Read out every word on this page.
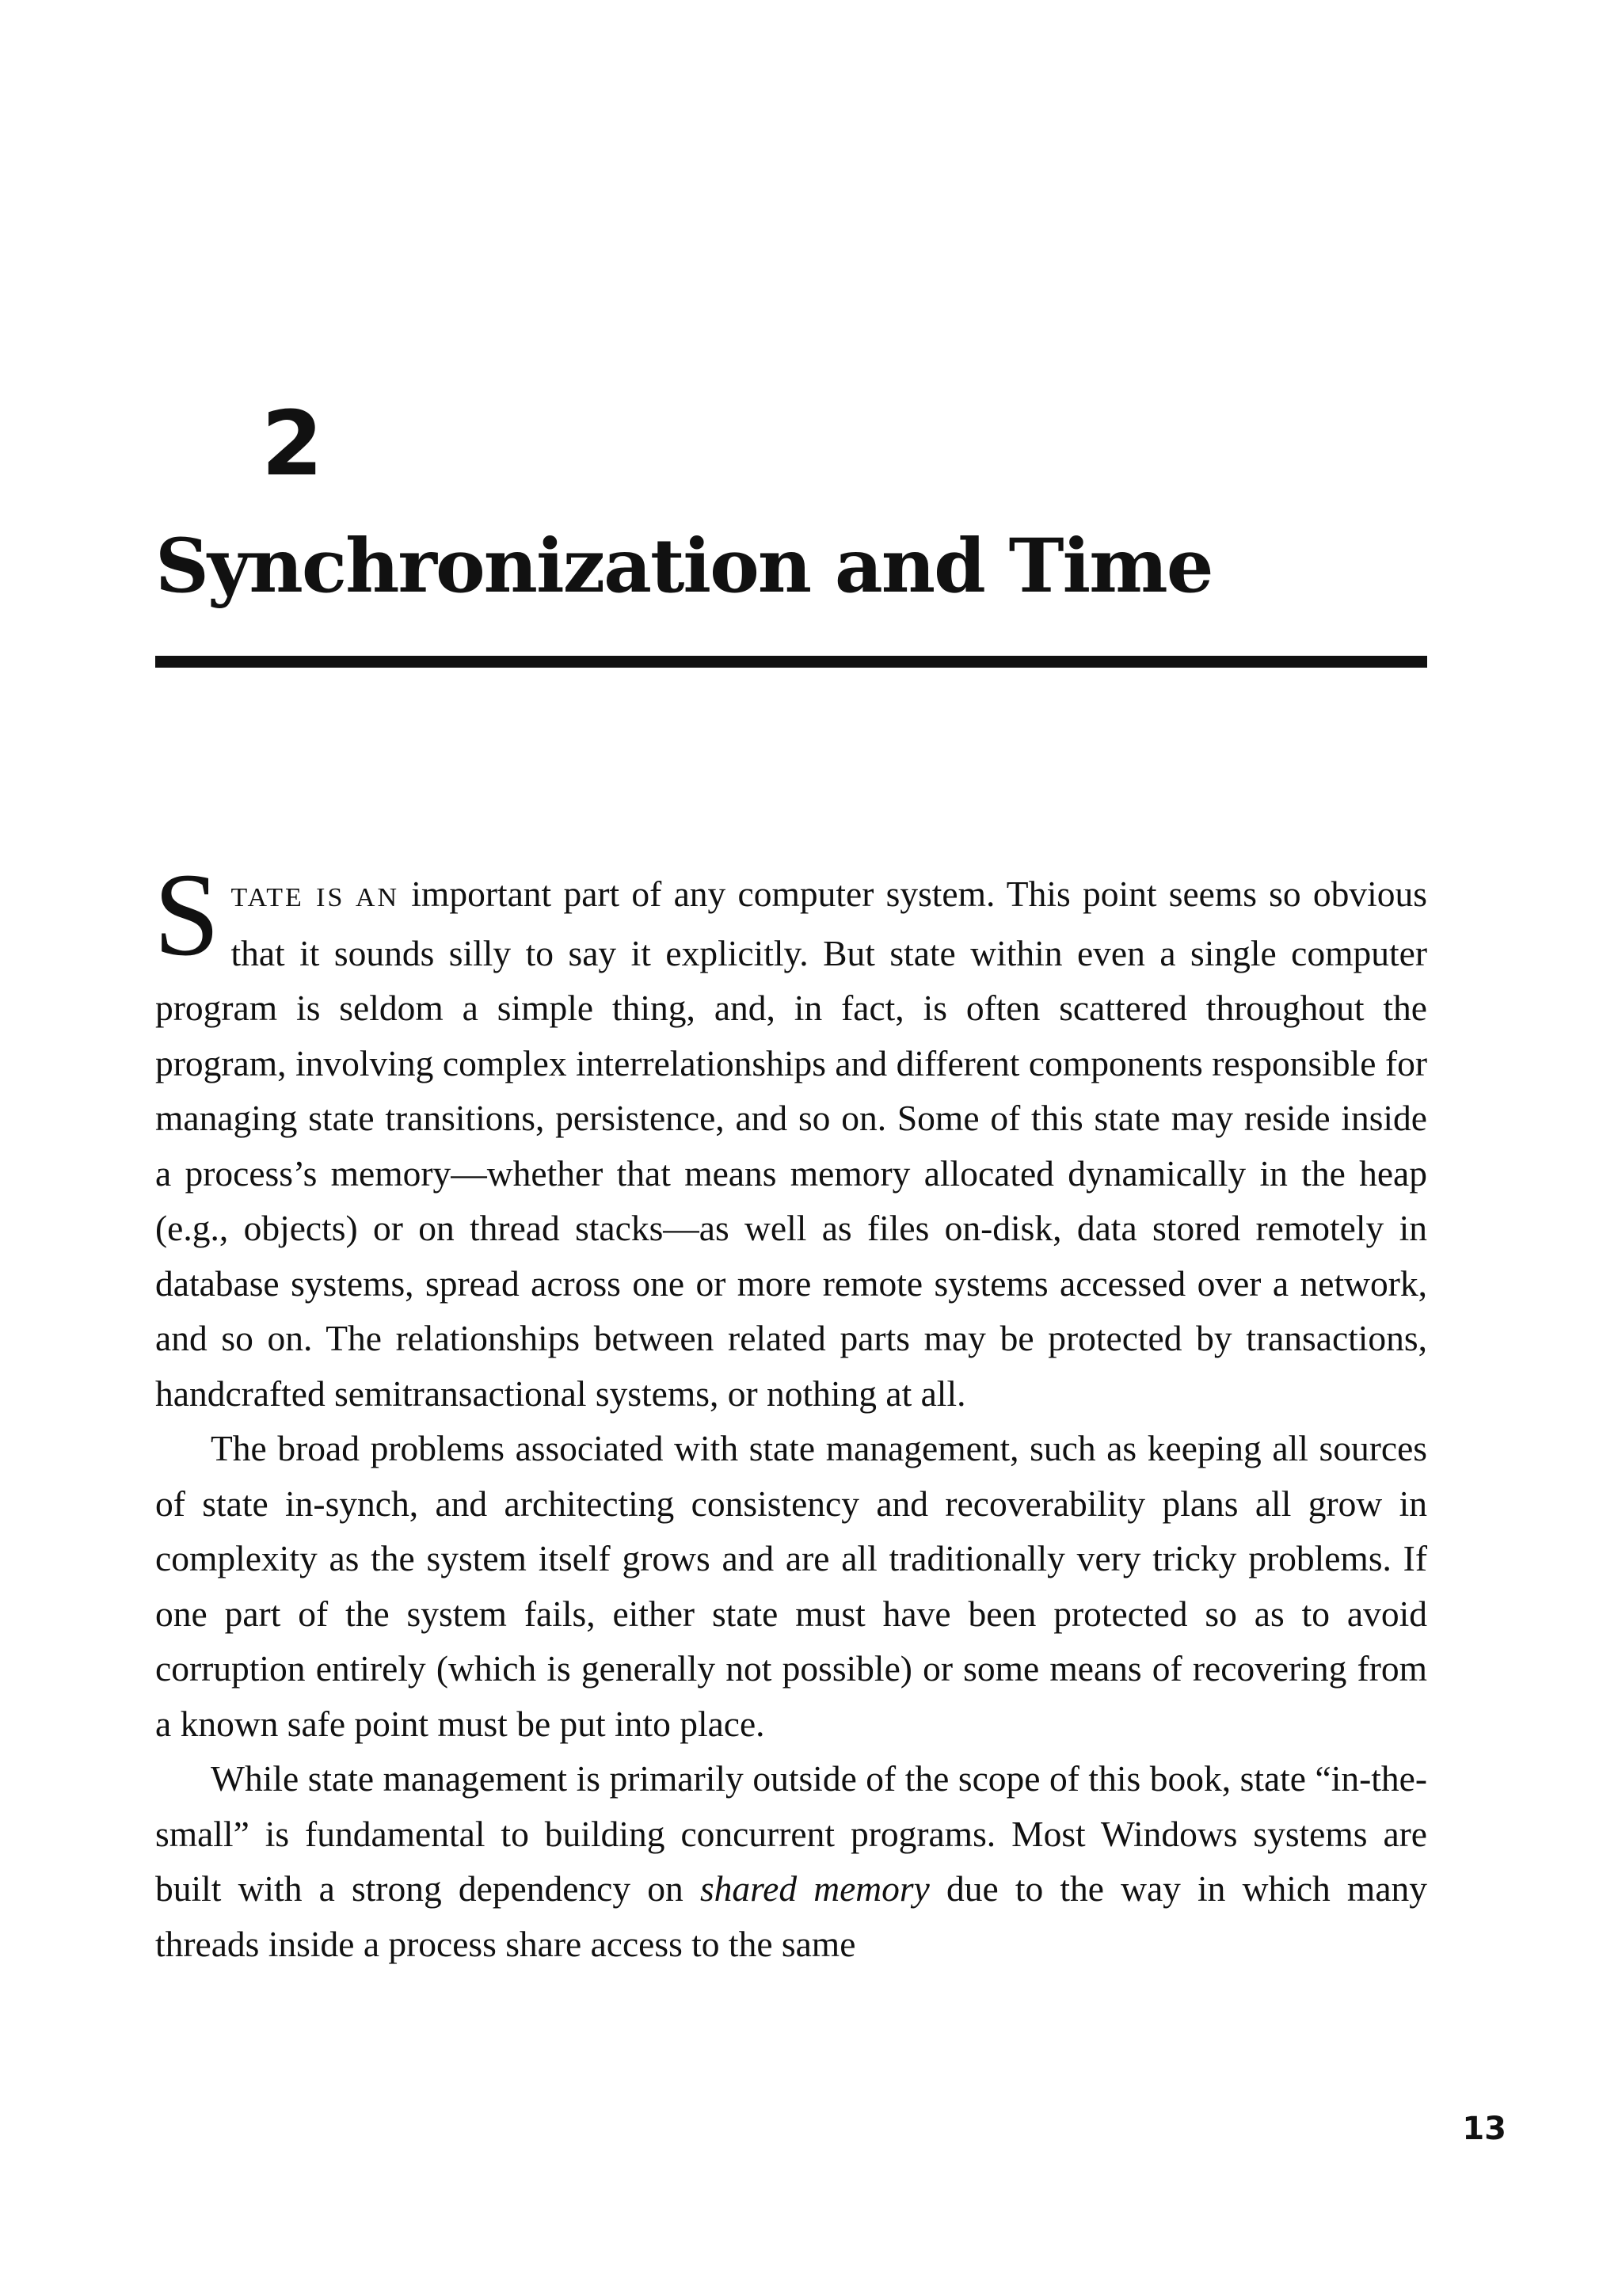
2
Synchronization and Time

STATE IS AN important part of any computer system. This point seems so obvious that it sounds silly to say it explicitly. But state within even a single computer program is seldom a simple thing, and, in fact, is often scattered throughout the program, involving complex interrelationships and different components responsible for managing state transitions, persistence, and so on. Some of this state may reside inside a process’s memory—whether that means memory allocated dynamically in the heap (e.g., objects) or on thread stacks—as well as files on-disk, data stored remotely in database systems, spread across one or more remote systems accessed over a network, and so on. The relationships between related parts may be protected by transactions, handcrafted semitransactional systems, or nothing at all.

The broad problems associated with state management, such as keeping all sources of state in-synch, and architecting consistency and recoverability plans all grow in complexity as the system itself grows and are all traditionally very tricky problems. If one part of the system fails, either state must have been protected so as to avoid corruption entirely (which is generally not possible) or some means of recovering from a known safe point must be put into place.

While state management is primarily outside of the scope of this book, state “in-the-small” is fundamental to building concurrent programs. Most Windows systems are built with a strong dependency on shared memory due to the way in which many threads inside a process share access to the same

13
